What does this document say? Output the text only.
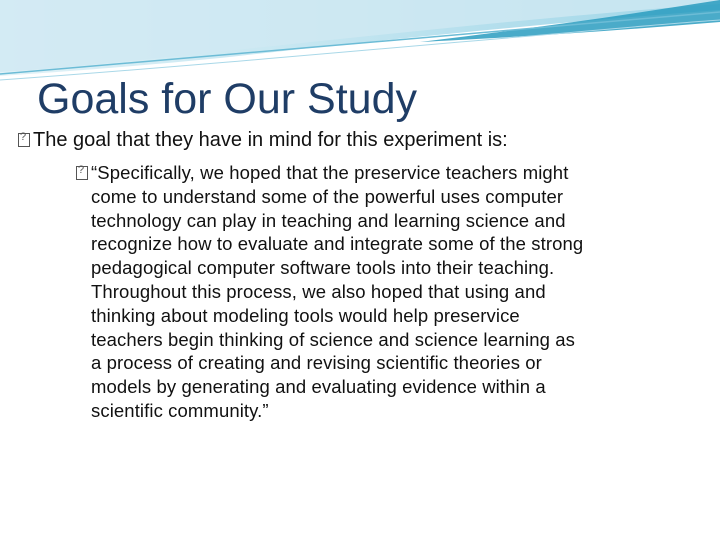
Goals for Our Study
?
The goal that they have in mind for this experiment is:
?
“Specifically, we hoped that the preservice teachers might
come to understand some of the powerful uses computer
technology can play in teaching and learning science and
recognize how to evaluate and integrate some of the strong
pedagogical computer software tools into their teaching.
Throughout this process, we also hoped that using and
thinking about modeling tools would help preservice
teachers begin thinking of science and science learning as
a process of creating and revising scientific theories or
models by generating and evaluating evidence within a
scientific community.”
